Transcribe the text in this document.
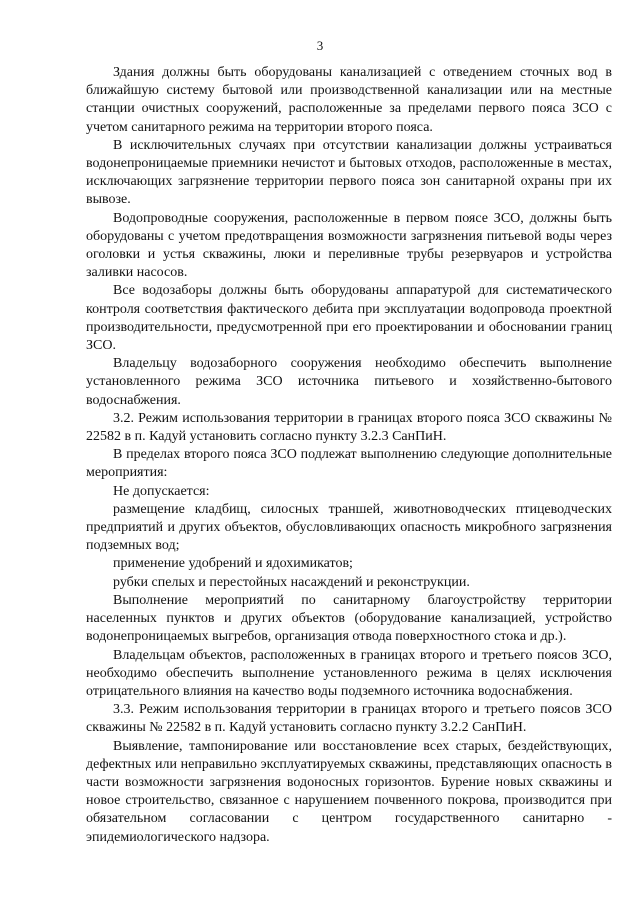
3

Здания должны быть оборудованы канализацией с отведением сточных вод в ближайшую систему бытовой или производственной канализации или на местные станции очистных сооружений, расположенные за пределами первого пояса ЗСО с учетом санитарного режима на территории второго пояса.

В исключительных случаях при отсутствии канализации должны устраиваться водонепроницаемые приемники нечистот и бытовых отходов, расположенные в местах, исключающих загрязнение территории первого пояса зон санитарной охраны при их вывозе.

Водопроводные сооружения, расположенные в первом поясе ЗСО, должны быть оборудованы с учетом предотвращения возможности загрязнения питьевой воды через оголовки и устья скважины, люки и переливные трубы резервуаров и устройства заливки насосов.

Все водозаборы должны быть оборудованы аппаратурой для систематического контроля соответствия фактического дебита при эксплуатации водопровода проектной производительности, предусмотренной при его проектировании и обосновании границ ЗСО.

Владельцу водозаборного сооружения необходимо обеспечить выполнение установленного режима ЗСО источника питьевого и хозяйственно-бытового водоснабжения.

3.2. Режим использования территории в границах второго пояса ЗСО скважины № 22582 в п. Кадуй установить согласно пункту 3.2.3 СанПиН.

В пределах второго пояса ЗСО подлежат выполнению следующие дополнительные мероприятия:

Не допускается:

размещение кладбищ, силосных траншей, животноводческих птицеводческих предприятий и других объектов, обусловливающих опасность микробного загрязнения подземных вод;

применение удобрений и ядохимикатов;

рубки спелых и перестойных насаждений и реконструкции.

Выполнение мероприятий по санитарному благоустройству территории населенных пунктов и других объектов (оборудование канализацией, устройство водонепроницаемых выгребов, организация отвода поверхностного стока и др.).

Владельцам объектов, расположенных в границах второго и третьего поясов ЗСО, необходимо обеспечить выполнение установленного режима в целях исключения отрицательного влияния на качество воды подземного источника водоснабжения.

3.3. Режим использования территории в границах второго и третьего поясов ЗСО скважины № 22582 в п. Кадуй установить согласно пункту 3.2.2 СанПиН.

Выявление, тампонирование или восстановление всех старых, бездействующих, дефектных или неправильно эксплуатируемых скважины, представляющих опасность в части возможности загрязнения водоносных горизонтов. Бурение новых скважины и новое строительство, связанное с нарушением почвенного покрова, производится при обязательном согласовании с центром государственного санитарно - эпидемиологического надзора.
